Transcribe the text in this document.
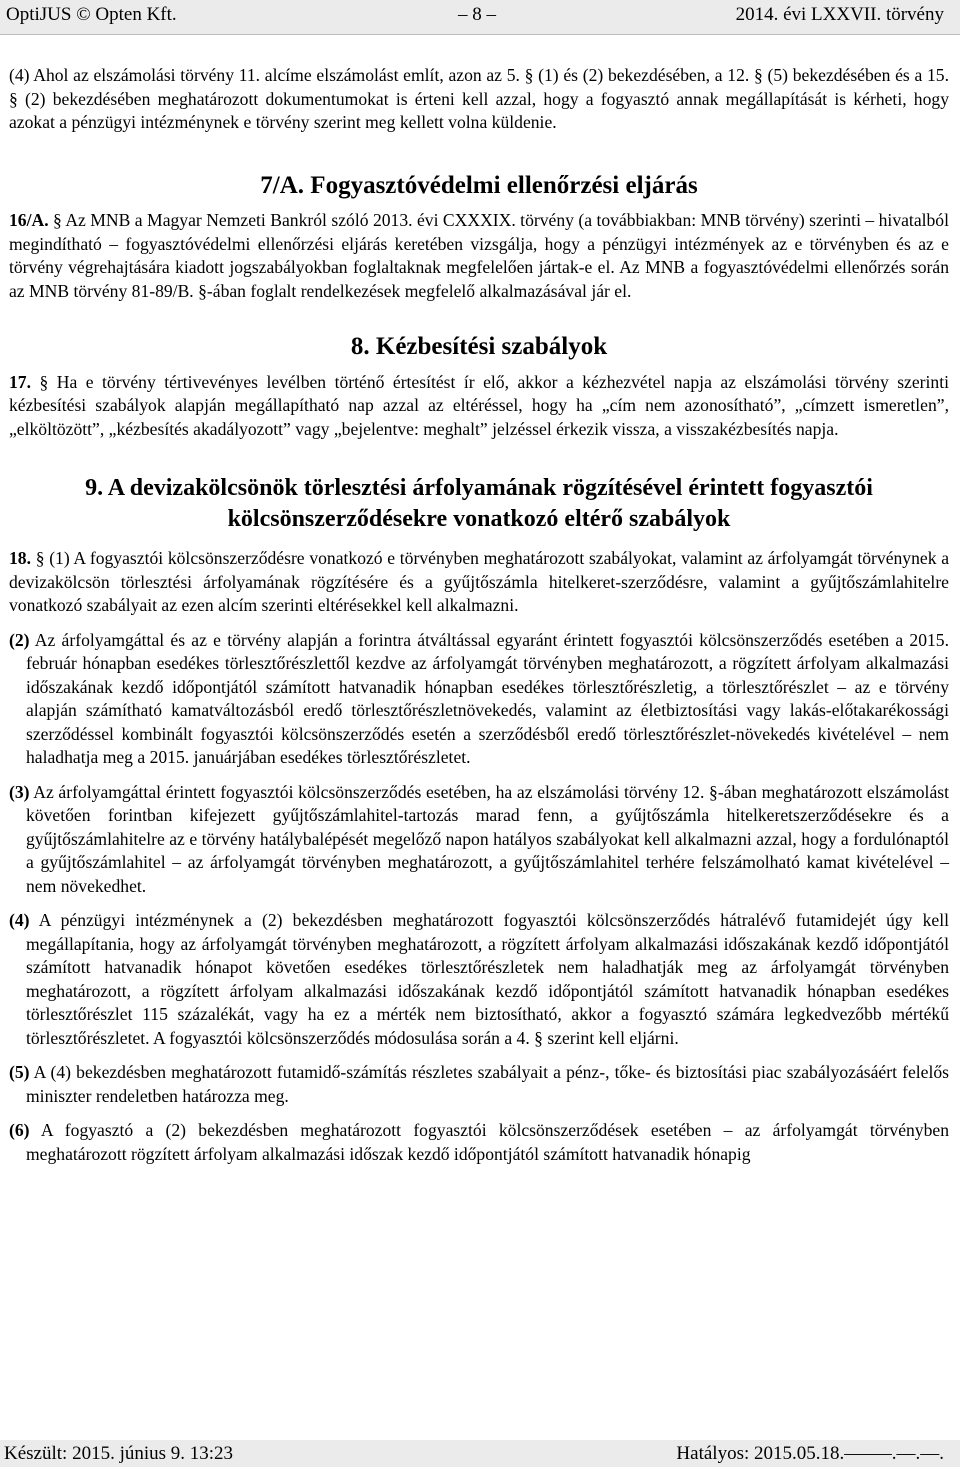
OptiJUS © Opten Kft.	– 8 –	2014. évi LXXVII. törvény

(4) Ahol az elszámolási törvény 11. alcíme elszámolást említ, azon az 5. § (1) és (2) bekezdésében, a 12. § (5) bekezdésében és a 15. § (2) bekezdésében meghatározott dokumentumokat is érteni kell azzal, hogy a fogyasztó annak megállapítását is kérheti, hogy azokat a pénzügyi intézménynek e törvény szerint meg kellett volna küldenie.

7/A. Fogyasztóvédelmi ellenőrzési eljárás

16/A. § Az MNB a Magyar Nemzeti Bankról szóló 2013. évi CXXXIX. törvény (a továbbiakban: MNB törvény) szerinti – hivatalból megindítható – fogyasztóvédelmi ellenőrzési eljárás keretében vizsgálja, hogy a pénzügyi intézmények az e törvényben és az e törvény végrehajtására kiadott jogszabályokban foglaltaknak megfelelően jártak-e el. Az MNB a fogyasztóvédelmi ellenőrzés során az MNB törvény 81-89/B. §-ában foglalt rendelkezések megfelelő alkalmazásával jár el.

8. Kézbesítési szabályok

17. § Ha e törvény tértivevényes levélben történő értesítést ír elő, akkor a kézhezvétel napja az elszámolási törvény szerinti kézbesítési szabályok alapján megállapítható nap azzal az eltéréssel, hogy ha „cím nem azonosítható”, „címzett ismeretlen”, „elköltözött”, „kézbesítés akadályozott” vagy „bejelentve: meghalt” jelzéssel érkezik vissza, a visszakézbesítés napja.

9. A devizakölcsönök törlesztési árfolyamának rögzítésével érintett fogyasztói
kölcsönszerződésekre vonatkozó eltérő szabályok

18. § (1) A fogyasztói kölcsönszerződésre vonatkozó e törvényben meghatározott szabályokat, valamint az árfolyamgát törvénynek a devizakölcsön törlesztési árfolyamának rögzítésére és a gyűjtőszámla hitelkeret-szerződésre, valamint a gyűjtőszámlahitelre vonatkozó szabályait az ezen alcím szerinti eltérésekkel kell alkalmazni.

(2) Az árfolyamgáttal és az e törvény alapján a forintra átváltással egyaránt érintett fogyasztói kölcsönszerződés esetében a 2015. február hónapban esedékes törlesztőrészlettől kezdve az árfolyamgát törvényben meghatározott, a rögzített árfolyam alkalmazási időszakának kezdő időpontjától számított hatvanadik hónapban esedékes törlesztőrészletig, a törlesztőrészlet – az e törvény alapján számítható kamatváltozásból eredő törlesztőrészletnövekedés, valamint az életbiztosítási vagy lakás-előtakarékossági szerződéssel kombinált fogyasztói kölcsönszerződés esetén a szerződésből eredő törlesztőrészlet-növekedés kivételével – nem haladhatja meg a 2015. januárjában esedékes törlesztőrészletet.

(3) Az árfolyamgáttal érintett fogyasztói kölcsönszerződés esetében, ha az elszámolási törvény 12. §-ában meghatározott elszámolást követően forintban kifejezett gyűjtőszámlahitel-tartozás marad fenn, a gyűjtőszámla hitelkeretszerződésekre és a gyűjtőszámlahitelre az e törvény hatálybalépését megelőző napon hatályos szabályokat kell alkalmazni azzal, hogy a fordulónaptól a gyűjtőszámlahitel – az árfolyamgát törvényben meghatározott, a gyűjtőszámlahitel terhére felszámolható kamat kivételével – nem növekedhet.

(4) A pénzügyi intézménynek a (2) bekezdésben meghatározott fogyasztói kölcsönszerződés hátralévő futamidejét úgy kell megállapítania, hogy az árfolyamgát törvényben meghatározott, a rögzített árfolyam alkalmazási időszakának kezdő időpontjától számított hatvanadik hónapot követően esedékes törlesztőrészletek nem haladhatják meg az árfolyamgát törvényben meghatározott, a rögzített árfolyam alkalmazási időszakának kezdő időpontjától számított hatvanadik hónapban esedékes törlesztőrészlet 115 százalékát, vagy ha ez a mérték nem biztosítható, akkor a fogyasztó számára legkedvezőbb mértékű törlesztőrészletet. A fogyasztói kölcsönszerződés módosulása során a 4. § szerint kell eljárni.

(5) A (4) bekezdésben meghatározott futamidő-számítás részletes szabályait a pénz-, tőke- és biztosítási piac szabályozásáért felelős miniszter rendeletben határozza meg.

(6) A fogyasztó a (2) bekezdésben meghatározott fogyasztói kölcsönszerződések esetében – az árfolyamgát törvényben meghatározott rögzített árfolyam alkalmazási időszak kezdő időpontjától számított hatvanadik hónapig

Készült: 2015. június 9. 13:23	Hatályos: 2015.05.18.–––––.––.––.
